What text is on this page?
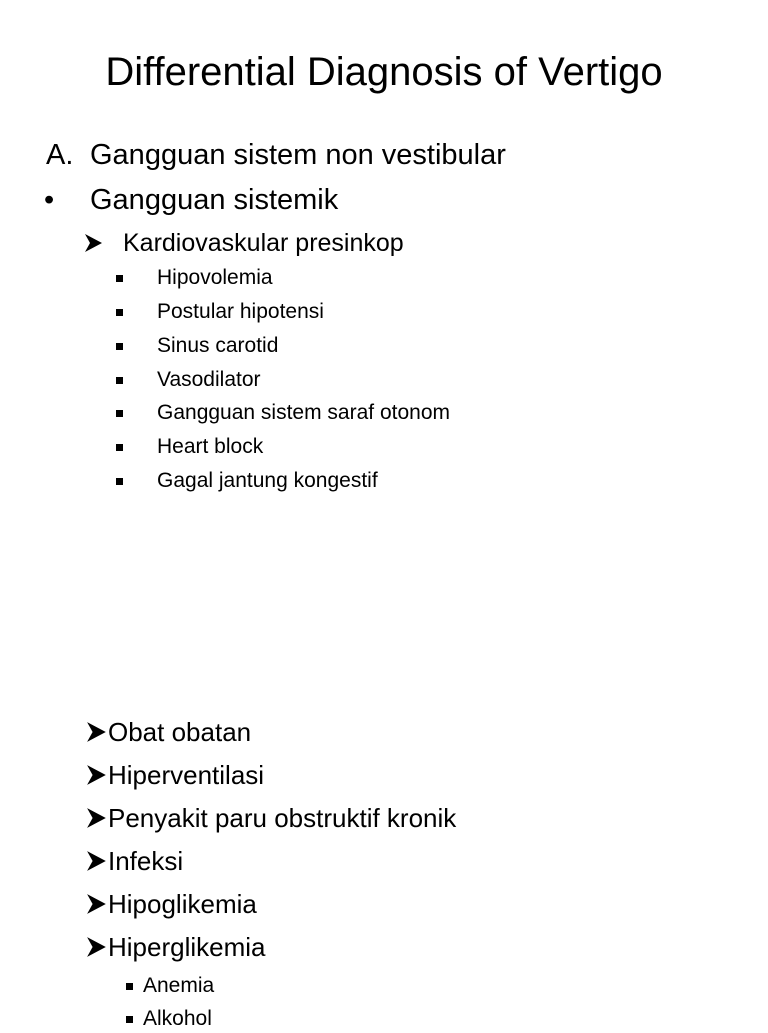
Differential Diagnosis of Vertigo
A. Gangguan sistem non vestibular
• Gangguan sistemik
Kardiovaskular presinkop
Hipovolemia
Postular hipotensi
Sinus carotid
Vasodilator
Gangguan sistem saraf otonom
Heart block
Gagal jantung kongestif
Obat obatan
Hiperventilasi
Penyakit paru obstruktif kronik
Infeksi
Hipoglikemia
Hiperglikemia
Anemia
Alkohol
